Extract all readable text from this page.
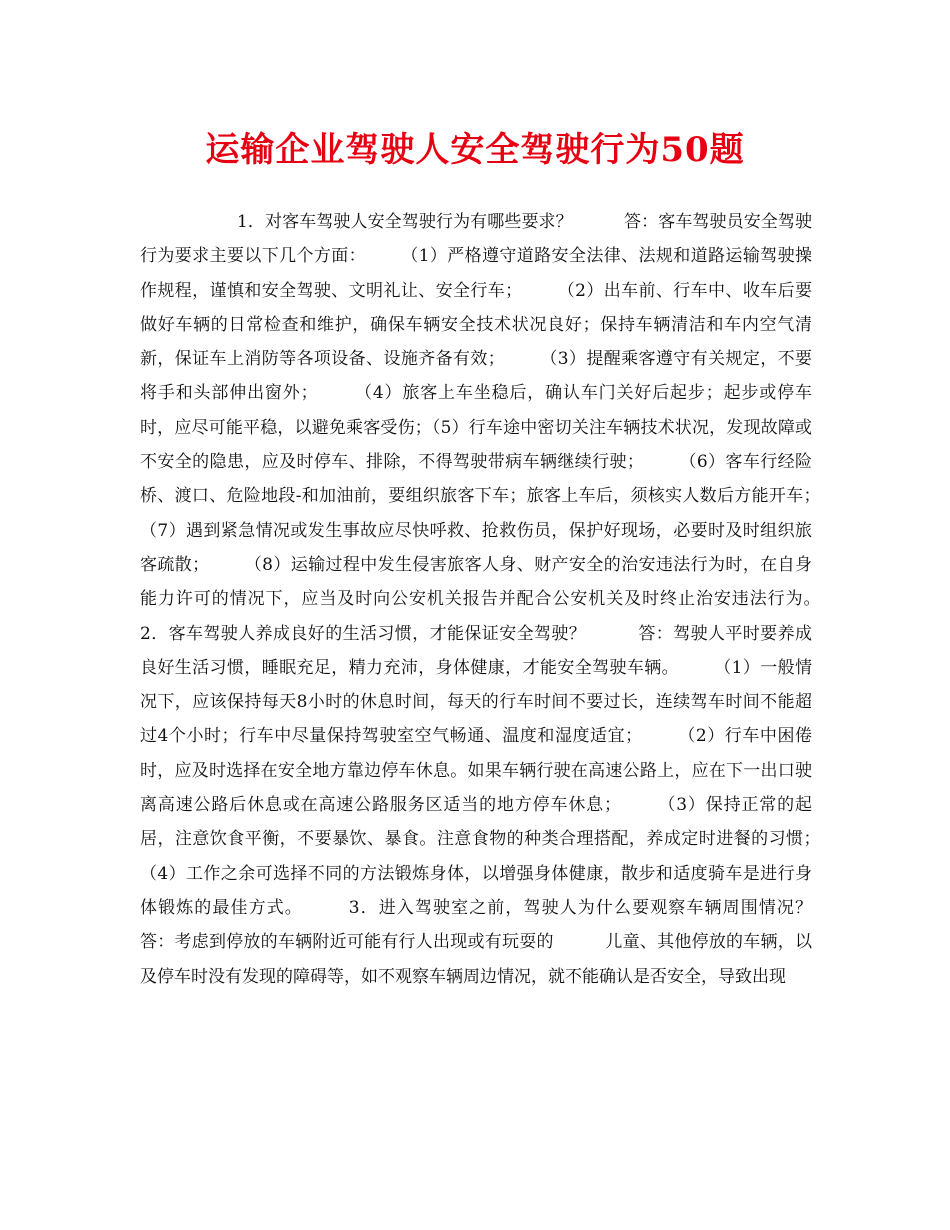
运输企业驾驶人安全驾驶行为50题

1．对客车驾驶人安全驾驶行为有哪些要求？　　　答：客车驾驶员安全驾驶行为要求主要以下几个方面：　　　（1）严格遵守道路安全法律、法规和道路运输驾驶操作规程，谨慎和安全驾驶、文明礼让、安全行车；　　　（2）出车前、行车中、收车后要做好车辆的日常检查和维护，确保车辆安全技术状况良好；保持车辆清洁和车内空气清新，保证车上消防等各项设备、设施齐备有效；　　　（3）提醒乘客遵守有关规定，不要将手和头部伸出窗外；　　　（4）旅客上车坐稳后，确认车门关好后起步；起步或停车时，应尽可能平稳，以避免乘客受伤；（5）行车途中密切关注车辆技术状况，发现故障或不安全的隐患，应及时停车、排除，不得驾驶带病车辆继续行驶；　　　（6）客车行经险桥、渡口、危险地段-和加油前，要组织旅客下车；旅客上车后，须核实人数后方能开车；　　　（7）遇到紧急情况或发生事故应尽快呼救、抢救伤员，保护好现场，必要时及时组织旅客疏散；　　　（8）运输过程中发生侵害旅客人身、财产安全的治安违法行为时，在自身能力许可的情况下，应当及时向公安机关报告并配合公安机关及时终止治安违法行为。　　　2．客车驾驶人养成良好的生活习惯，才能保证安全驾驶？　　　答：驾驶人平时要养成良好生活习惯，睡眠充足，精力充沛，身体健康，才能安全驾驶车辆。　　　（1）一般情况下，应该保持每天8小时的休息时间，每天的行车时间不要过长，连续驾车时间不能超过4个小时；行车中尽量保持驾驶室空气畅通、温度和湿度适宜；　　　（2）行车中困倦时，应及时选择在安全地方靠边停车休息。如果车辆行驶在高速公路上，应在下一出口驶离高速公路后休息或在高速公路服务区适当的地方停车休息；　　　（3）保持正常的起居，注意饮食平衡，不要暴饮、暴食。注意食物的种类合理搭配，养成定时进餐的习惯；　　　（4）工作之余可选择不同的方法锻炼身体，以增强身体健康，散步和适度骑车是进行身体锻炼的最佳方式。　　　3．进入驾驶室之前，驾驶人为什么要观察车辆周围情况？　　　答：考虑到停放的车辆附近可能有行人出现或有玩耍的　　　儿童、其他停放的车辆，以及停车时没有发现的障碍等，如不观察车辆周边情况，就不能确认是否安全，导致出现
